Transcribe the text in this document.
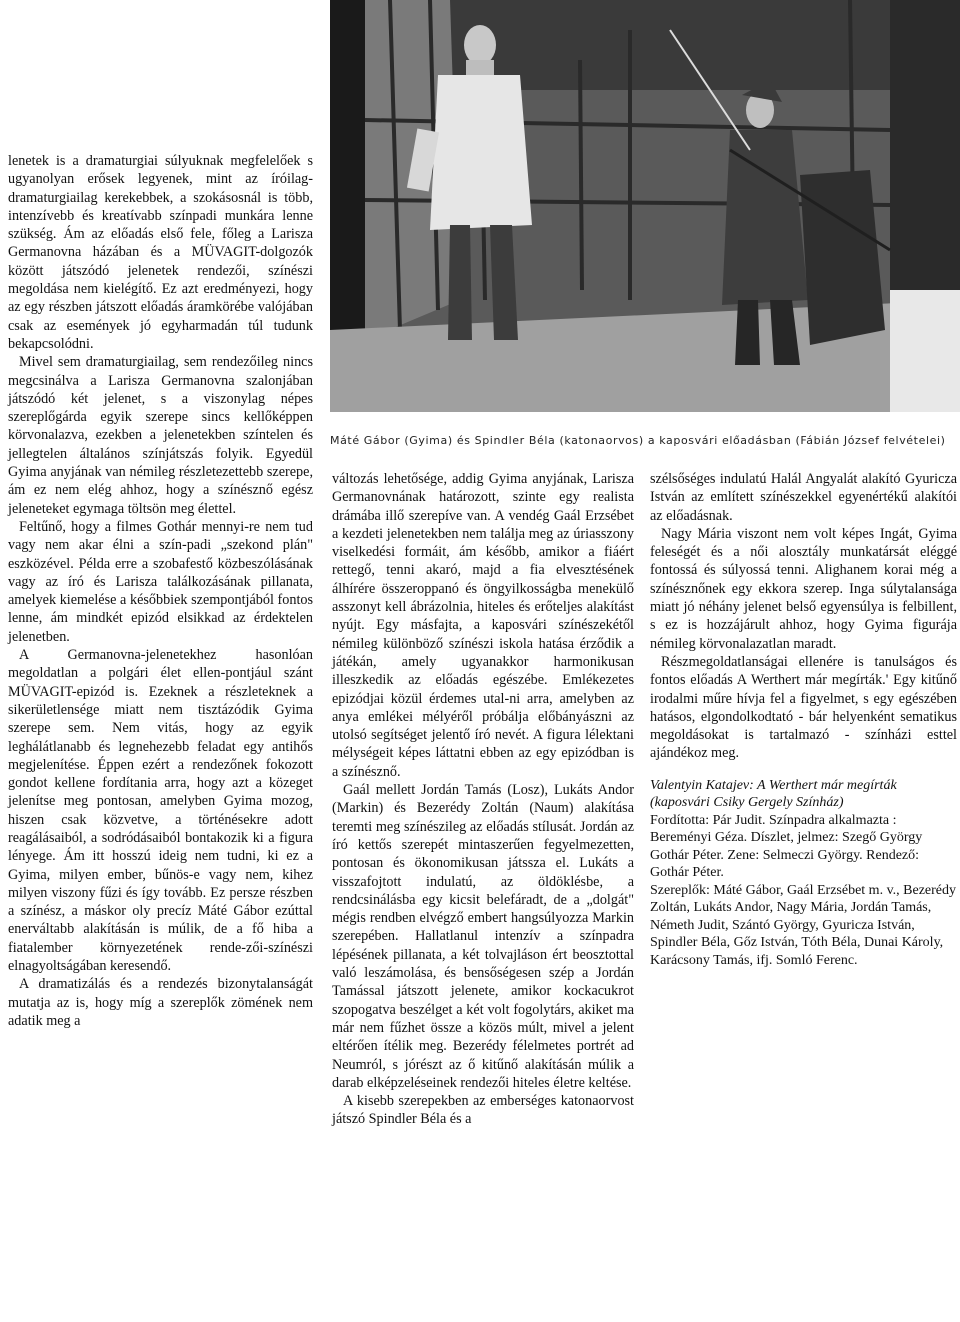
lenetek is a dramaturgiai súlyuknak megfelelőek s ugyanolyan erősek legyenek, mint az íróilag-dramaturgiailag kerekebbek, a szokásosnál is több, intenzívebb és kreatívabb színpadi munkára lenne szükség. Ám az előadás első fele, főleg a Larisza Germanovna házában és a MÜVAGIT-dolgozók között játszódó jelenetek rendezői, színészi megoldása nem kielégítő. Ez azt eredményezi, hogy az egy részben játszott előadás áramkörébe valójában csak az események jó egyharmadán túl tudunk bekapcsolódni.

Mivel sem dramaturgiailag, sem rendezőileg nincs megcsinálva a Larisza Germanovna szalonjában játszódó két jelenet, s a viszonylag népes szereplőgárda egyik szerepe sincs kellőképpen körvonalazva, ezekben a jelenetekben színtelen és jellegtelen általános színjátszás folyik. Egyedül Gyima anyjának van némileg részletezettebb szerepe, ám ez nem elég ahhoz, hogy a színésznő egész jeleneteket egymaga töltsön meg élettel.

Feltűnő, hogy a filmes Gothár mennyi-re nem tud vagy nem akar élni a szín-padi „szekond plán" eszközével. Példa erre a szobafestő közbeszólásának vagy az író és Larisza találkozásának pillanata, amelyek kiemelése a későbbiek szempontjából fontos lenne, ám mindkét epizód elsikkad az érdektelen jelenetben.

A Germanovna-jelenetekhez hasonlóan megoldatlan a polgári élet ellen-pontjául szánt MÜVAGIT-epizód is. Ezeknek a részleteknek a sikerületlensége miatt nem tisztázódik Gyima szerepe sem. Nem vitás, hogy az egyik leghálátlanabb és legnehezebb feladat egy antihős megjelenítése. Éppen ezért a rendezőnek fokozott gondot kellene fordítania arra, hogy azt a közeget jelenítse meg pontosan, amelyben Gyima mozog, hiszen csak közvetve, a történésekre adott reagálásaiból, a sodródásaiból bontakozik ki a figura lényege. Ám itt hosszú ideig nem tudni, ki ez a Gyima, milyen ember, bűnös-e vagy nem, kihez milyen viszony fűzi és így tovább. Ez persze részben a színész, a máskor oly precíz Máté Gábor ezúttal enerváltabb alakításán is múlik, de a fő hiba a fiatalember környezetének rende-zői-színészi elnagyoltságában keresendő.

A dramatizálás és a rendezés bizonytalanságát mutatja az is, hogy míg a szereplők zömének nem adatik meg a

Máté Gábor (Gyima) és Spindler Béla (katonaorvos) a kaposvári előadásban (Fábián József felvételei)

változás lehetősége, addig Gyima anyjának, Larisza Germanovnának határozott, szinte egy realista drámába illő szerepíve van. A vendég Gaál Erzsébet a kezdeti jelenetekben nem találja meg az úriasszony viselkedési formáit, ám később, amikor a fiáért rettegő, tenni akaró, majd a fia elvesztésének álhírére összeroppanó és öngyilkosságba menekülő asszonyt kell ábrázolnia, hiteles és erőteljes alakítást nyújt. Egy másfajta, a kaposvári színészekétől némileg különböző színészi iskola hatása érződik a játékán, amely ugyanakkor harmonikusan illeszkedik az előadás egészébe. Emlékezetes epizódjai közül érdemes utal-ni arra, amelyben az anya emlékei mélyéről próbálja előbányászni az utolsó segítséget jelentő író nevét. A figura lélektani mélységeit képes láttatni ebben az egy epizódban is a színésznő.

Gaál mellett Jordán Tamás (Losz), Lukáts Andor (Markin) és Bezerédy Zoltán (Naum) alakítása teremti meg színészileg az előadás stílusát. Jordán az író kettős szerepét mintaszerűen fegyelmezetten, pontosan és ökonomikusan játssza el. Lukáts a visszafojtott indulatú, az öldöklésbe, a rendcsinálásba egy kicsit belefáradt, de a „dolgát" mégis rendben elvégző embert hangsúlyozza Markin szerepében. Hallatlanul intenzív a színpadra lépésének pillanata, a két tolvajláson ért beosztottal való leszámolása, és bensőségesen szép a Jordán Tamással játszott jelenete, amikor kockacukrot szopogatva beszélget a két volt fogolytárs, akiket ma már nem fűzhet össze a közös múlt, mivel a jelent eltérően ítélik meg. Bezerédy félelmetes portrét ad Neumról, s jórészt az ő kitűnő alakításán múlik a darab elképzeléseinek rendezői hiteles életre keltése.

A kisebb szerepekben az emberséges katonaorvost játszó Spindler Béla és a

szélsőséges indulatú Halál Angyalát alakító Gyuricza István az említett színészekkel egyenértékű alakítói az előadásnak.

Nagy Mária viszont nem volt képes Ingát, Gyima feleségét és a női alosztály munkatársát eléggé fontossá és súlyossá tenni. Alighanem korai még a színésznőnek egy ekkora szerep. Inga súlytalansága miatt jó néhány jelenet belső egyensúlya is felbillent, s ez is hozzájárult ahhoz, hogy Gyima figurája némileg körvonalazatlan maradt.

Részmegoldatlanságai ellenére is tanulságos és fontos előadás A Werthert már megírták.' Egy kitűnő irodalmi műre hívja fel a figyelmet, s egy egészében hatásos, elgondolkodtató - bár helyenként sematikus megoldásokat is tartalmazó - színházi esttel ajándékoz meg.

Valentyin Katajev: A Werthert már megírták (kaposvári Csiky Gergely Színház)

Fordította: Pár Judit. Színpadra alkalmazta : Bereményi Géza. Díszlet, jelmez: Szegő György Gothár Péter. Zene: Selmeczi György. Rendező: Gothár Péter.

Szereplők: Máté Gábor, Gaál Erzsébet m. v., Bezerédy Zoltán, Lukáts Andor, Nagy Mária, Jordán Tamás, Németh Judit, Szántó György, Gyuricza István, Spindler Béla, Gőz István, Tóth Béla, Dunai Károly, Karácsony Tamás, ifj. Somló Ferenc.
